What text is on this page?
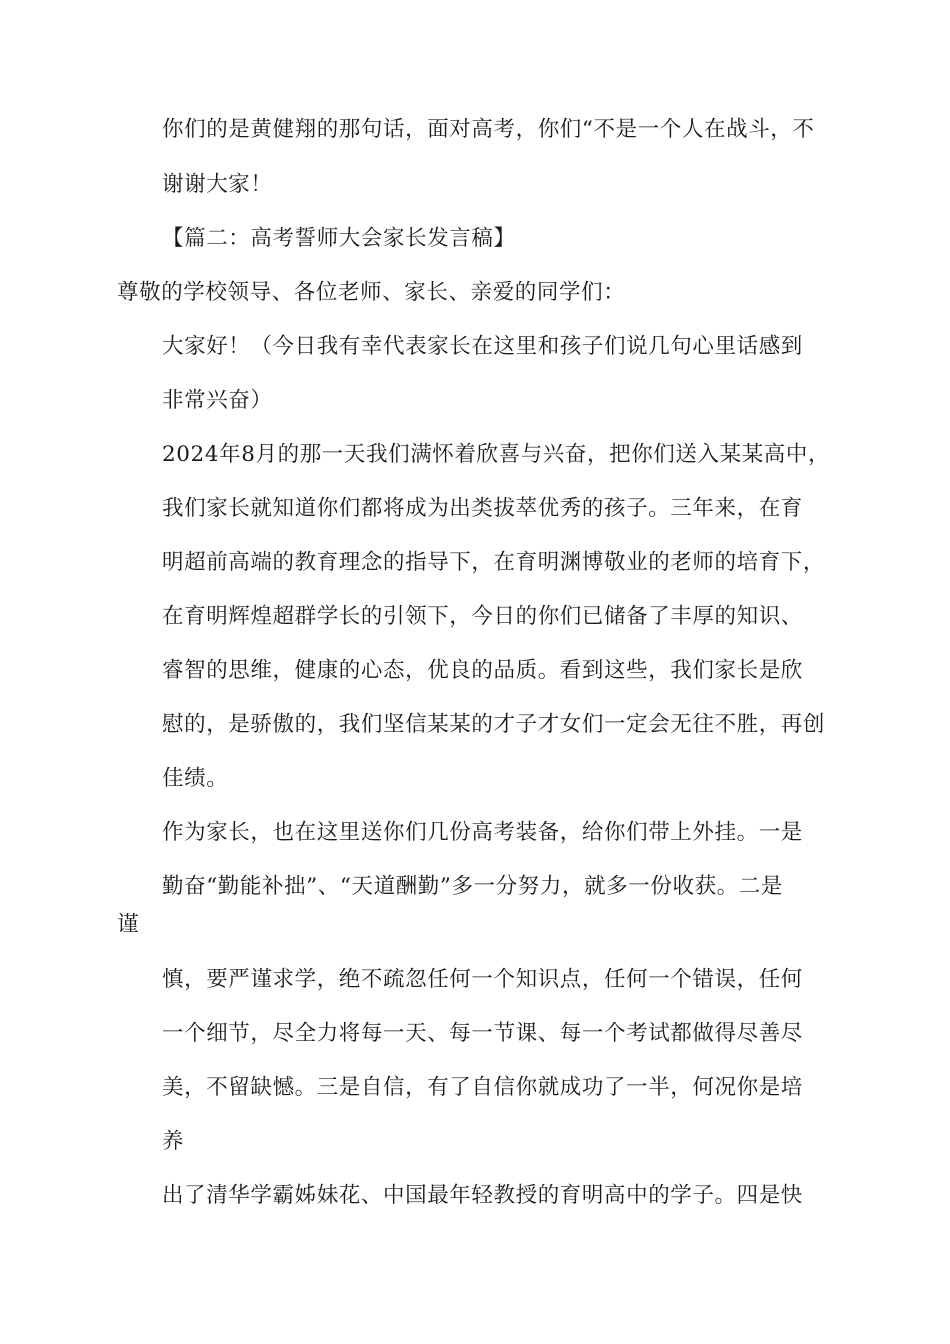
你们的是黄健翔的那句话，面对高考，你们“不是一个人在战斗，不
谢谢大家！
【篇二：高考誓师大会家长发言稿】
尊敬的学校领导、各位老师、家长、亲爱的同学们：
大家好！（今日我有幸代表家长在这里和孩子们说几句心里话感到
非常兴奋）
2024年8月的那一天我们满怀着欣喜与兴奋，把你们送入某某高中，
我们家长就知道你们都将成为出类拔萃优秀的孩子。三年来，在育
明超前高端的教育理念的指导下，在育明渊博敬业的老师的培育下，
在育明辉煌超群学长的引领下，今日的你们已储备了丰厚的知识、
睿智的思维，健康的心态，优良的品质。看到这些，我们家长是欣
慰的，是骄傲的，我们坚信某某的才子才女们一定会无往不胜，再创
佳绩。
作为家长，也在这里送你们几份高考装备，给你们带上外挂。一是
勤奋“勤能补拙”、“天道酬勤”多一分努力，就多一份收获。二是
谨
慎，要严谨求学，绝不疏忽任何一个知识点，任何一个错误，任何
一个细节，尽全力将每一天、每一节课、每一个考试都做得尽善尽
美，不留缺憾。三是自信，有了自信你就成功了一半，何况你是培
养
出了清华学霸姊妹花、中国最年轻教授的育明高中的学子。四是快
